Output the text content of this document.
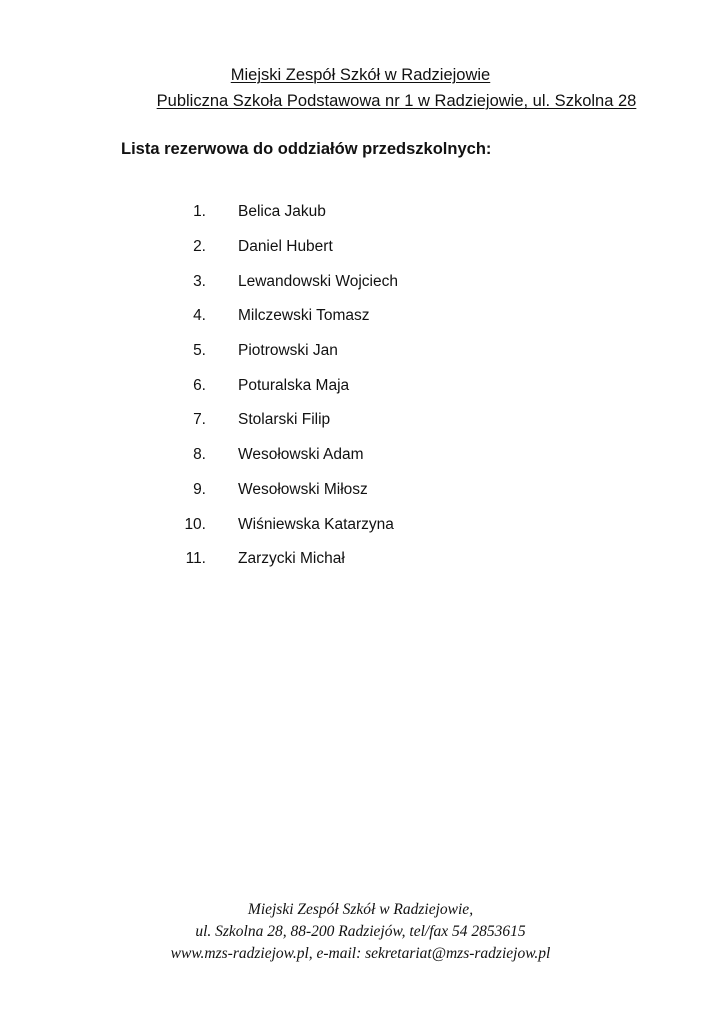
Miejski Zespół Szkół w Radziejowie
Publiczna Szkoła Podstawowa nr 1 w Radziejowie, ul. Szkolna 28
Lista rezerwowa do oddziałów przedszkolnych:
1.	Belica Jakub
2.	Daniel Hubert
3.	Lewandowski Wojciech
4.	Milczewski Tomasz
5.	Piotrowski Jan
6.	Poturalska Maja
7.	Stolarski Filip
8.	Wesołowski Adam
9.	Wesołowski Miłosz
10.	Wiśniewska Katarzyna
11.	Zarzycki Michał
Miejski Zespół Szkół w Radziejowie,
ul. Szkolna 28, 88-200 Radziejów, tel/fax 54 2853615
www.mzs-radziejow.pl, e-mail: sekretariat@mzs-radziejow.pl
